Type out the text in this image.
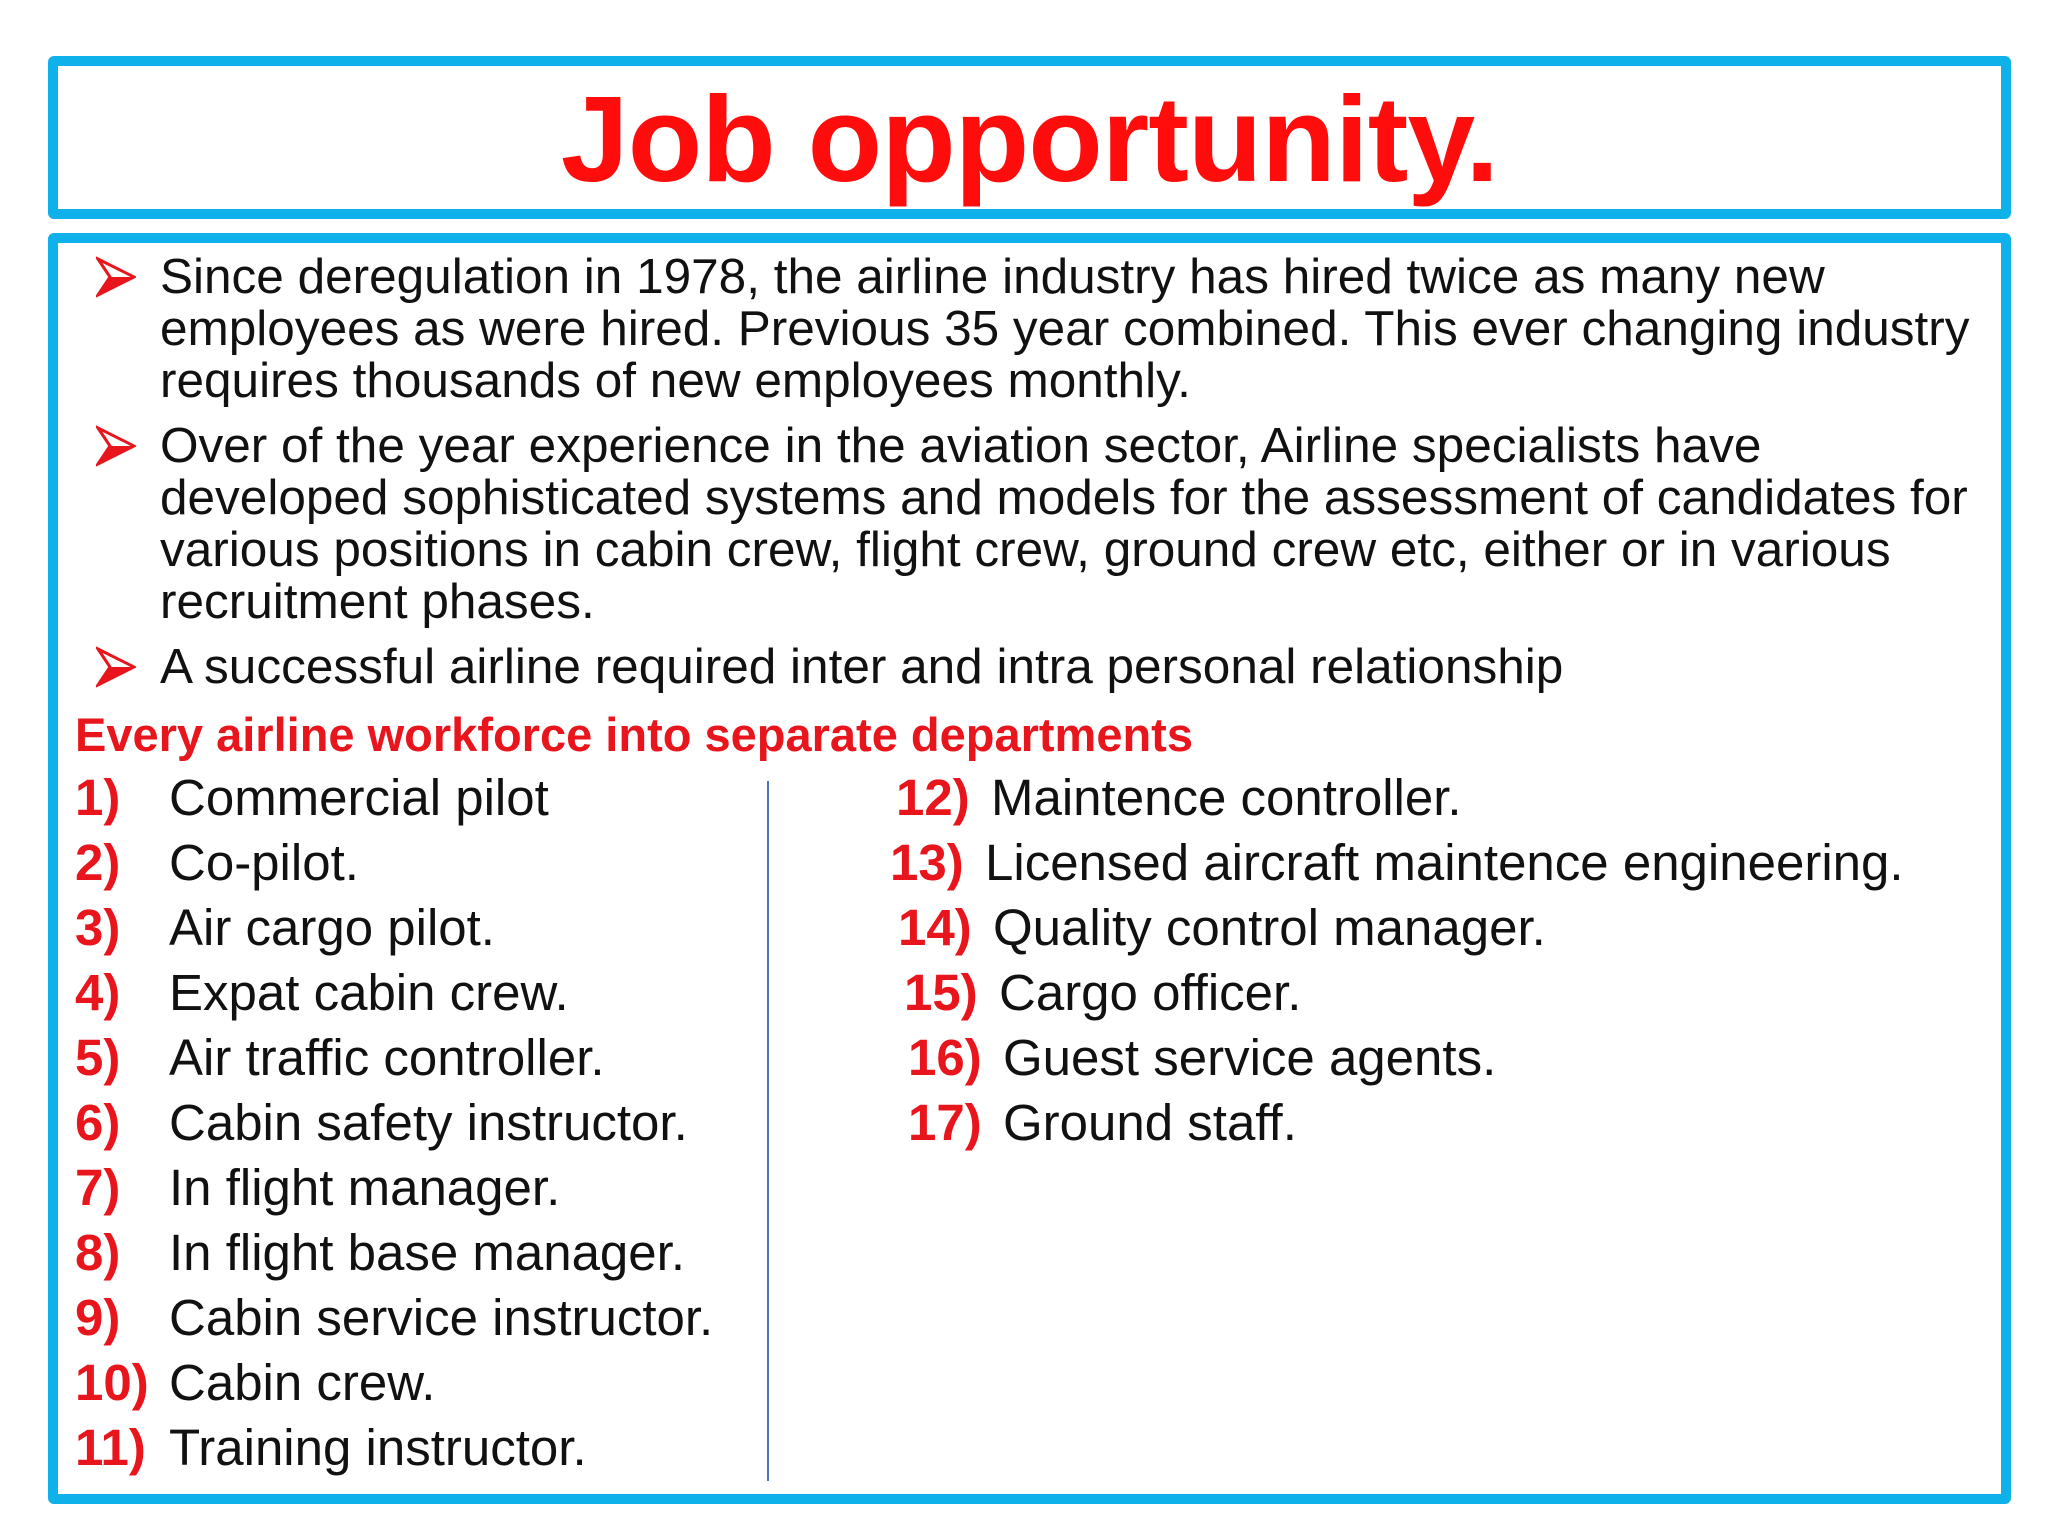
Job opportunity.
Since deregulation in 1978, the airline industry has hired twice as many new employees as were hired. Previous 35 year combined. This ever changing industry requires thousands of new employees monthly.
Over of the year experience in the aviation sector, Airline specialists have developed sophisticated systems and models for the assessment of candidates for various positions in cabin crew, flight crew, ground crew etc, either or in various recruitment phases.
A successful airline required inter and intra personal relationship
Every airline workforce into separate departments
1) Commercial pilot
2) Co-pilot.
3) Air cargo pilot.
4) Expat cabin crew.
5) Air traffic controller.
6) Cabin safety instructor.
7) In flight manager.
8) In flight base manager.
9) Cabin service instructor.
10) Cabin crew.
11) Training instructor.
12) Maintence controller.
13) Licensed aircraft maintence engineering.
14) Quality control manager.
15) Cargo officer.
16) Guest service agents.
17) Ground staff.
